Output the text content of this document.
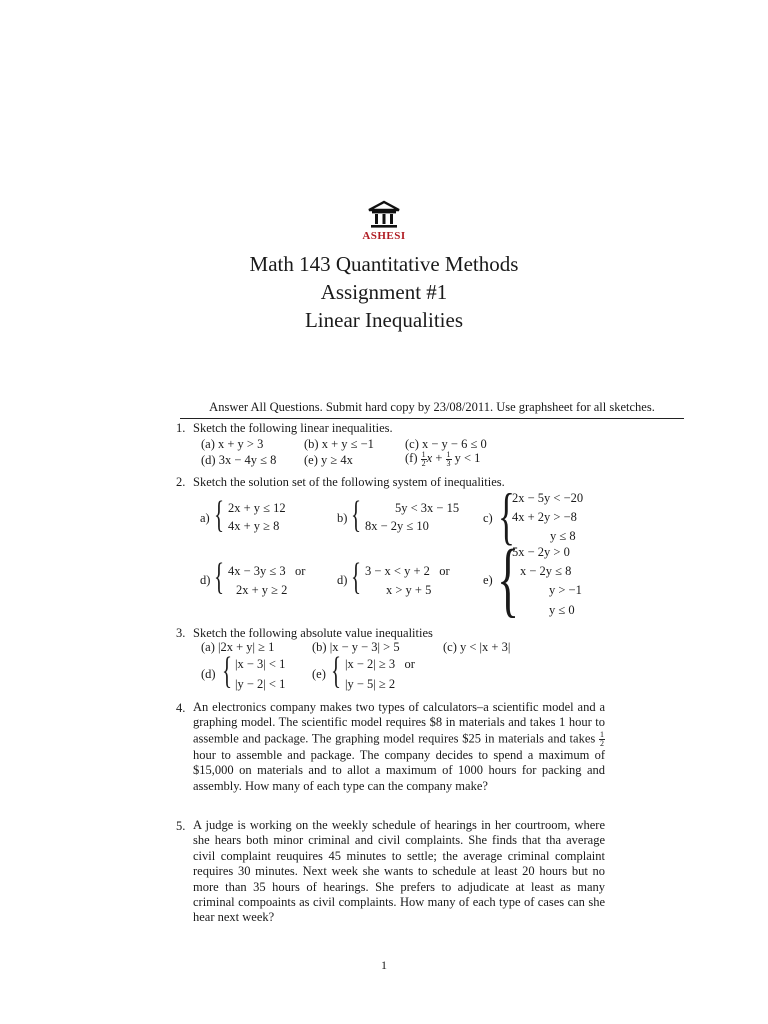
ASHESI
Math 143 Quantitative Methods
Assignment #1
Linear Inequalities
Answer All Questions. Submit hard copy by 23/08/2011. Use graphsheet for all sketches.
1. Sketch the following linear inequalities.
(a) x + y > 3	(b) x + y ≤ −1 (c) x − y − 6 ≤ 0
(d) 3x − 4y ≤ 8 (e) y ≥ 4x	$(f) \frac{1}{2}$ $x + \frac{1}{3}$ y < 1
2. Sketch the solution set of the following system of inequalities.
a) { 2x + y ≤ 12
4x + y ≥ 8
b) {	5y < 3x − 15
8x − 2y ≤ 10
c) {
2x − 5y < −20
4x + 2y > −8
y ≤ 8
d) { 4x − 3y ≤ 3   or
2x + y ≥ 2
d) { 3 − x < y + 2   or
x > y + 5
e) {
5x − 2y > 0
x − 2y ≤ 8
y > −1
y ≤ 0
3. Sketch the following absolute value inequalities
(a) |2x + y| ≥ 1	(b) |x − y − 3| > 5	(c) y < |x + 3|
(d) { |x − 3| < 1
|y − 2| < 1
(e) { |x − 2| ≥ 3   or
|y − 5| ≥ 2
4. An electronics company makes two types of calculators–a scientific model and a graphing model. The scientific model requires $8 in materials and takes 1 hour to assemble and package. The graphing model requires $25 in materials and takes $\frac{1}{2}$
hour to assemble and package. The company decides to spend a maximum of $15,000 on materials and to allot a maximum of 1000 hours for packing and assembly. How many of each type can the company make?
5. A judge is working on the weekly schedule of hearings in her courtroom, where she hears both minor criminal and civil complaints. She finds that tha average civil complaint reuquires 45 minutes to settle; the average criminal complaint requires 30 minutes. Next week she wants to schedule at least 20 hours but no more than 35 hours of hearings. She prefers to adjudicate at least as many criminal compoaints as civil complaints. How many of each type of cases can she hear next week?
1
